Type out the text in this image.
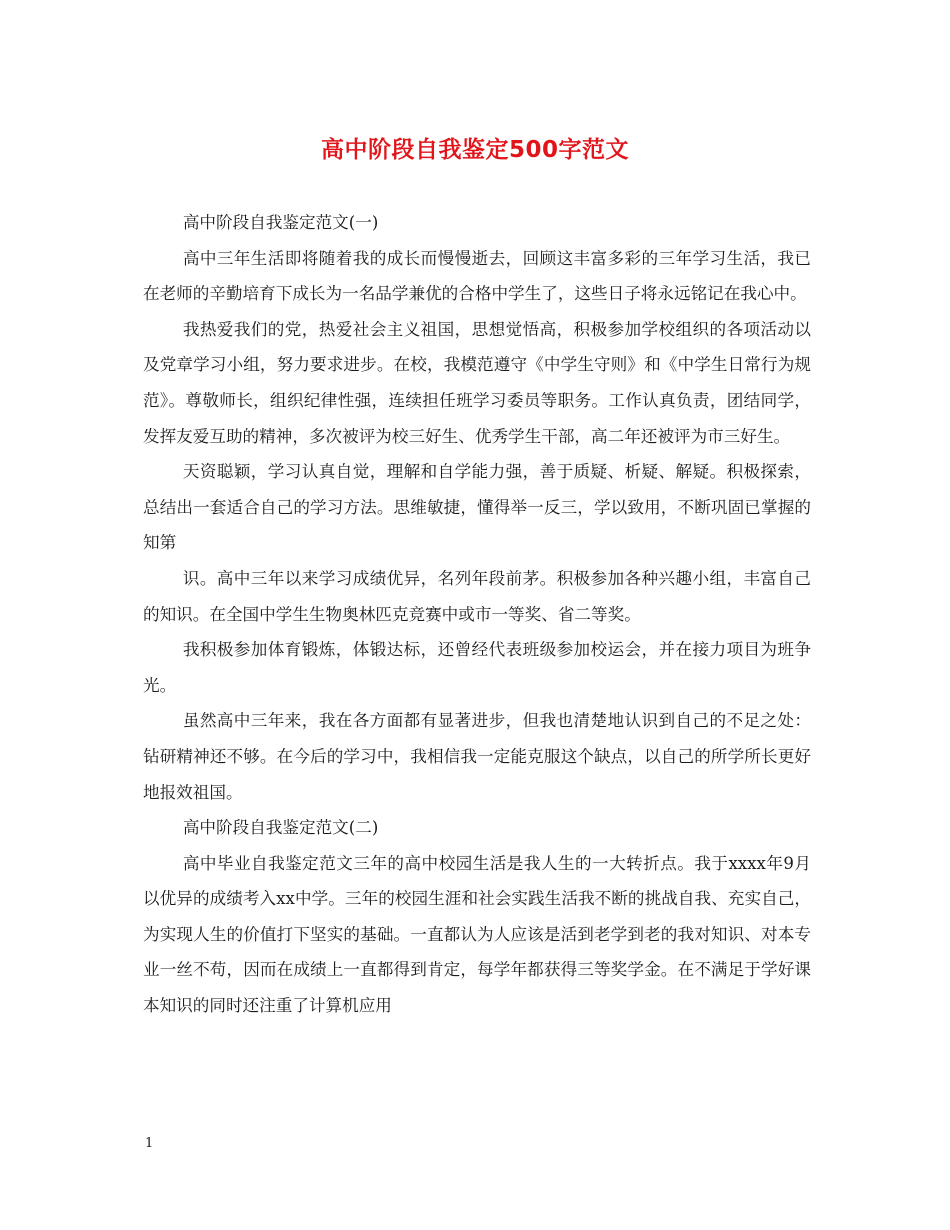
高中阶段自我鉴定500字范文

高中阶段自我鉴定范文(一)

高中三年生活即将随着我的成长而慢慢逝去，回顾这丰富多彩的三年学习生活，我已在老师的辛勤培育下成长为一名品学兼优的合格中学生了，这些日子将永远铭记在我心中。

我热爱我们的党，热爱社会主义祖国，思想觉悟高，积极参加学校组织的各项活动以及党章学习小组，努力要求进步。在校，我模范遵守《中学生守则》和《中学生日常行为规范》。尊敬师长，组织纪律性强，连续担任班学习委员等职务。工作认真负责，团结同学，发挥友爱互助的精神，多次被评为校三好生、优秀学生干部，高二年还被评为市三好生。

天资聪颖，学习认真自觉，理解和自学能力强，善于质疑、析疑、解疑。积极探索，总结出一套适合自己的学习方法。思维敏捷，懂得举一反三，学以致用，不断巩固已掌握的知第

识。高中三年以来学习成绩优异，名列年段前茅。积极参加各种兴趣小组，丰富自己的知识。在全国中学生生物奥林匹克竞赛中或市一等奖、省二等奖。

我积极参加体育锻炼，体锻达标，还曾经代表班级参加校运会，并在接力项目为班争光。

虽然高中三年来，我在各方面都有显著进步，但我也清楚地认识到自己的不足之处：钻研精神还不够。在今后的学习中，我相信我一定能克服这个缺点，以自己的所学所长更好地报效祖国。

高中阶段自我鉴定范文(二)

高中毕业自我鉴定范文三年的高中校园生活是我人生的一大转折点。我于xxxx年9月以优异的成绩考入xx中学。三年的校园生涯和社会实践生活我不断的挑战自我、充实自己，为实现人生的价值打下坚实的基础。一直都认为人应该是活到老学到老的我对知识、对本专业一丝不苟，因而在成绩上一直都得到肯定，每学年都获得三等奖学金。在不满足于学好课本知识的同时还注重了计算机应用

1
